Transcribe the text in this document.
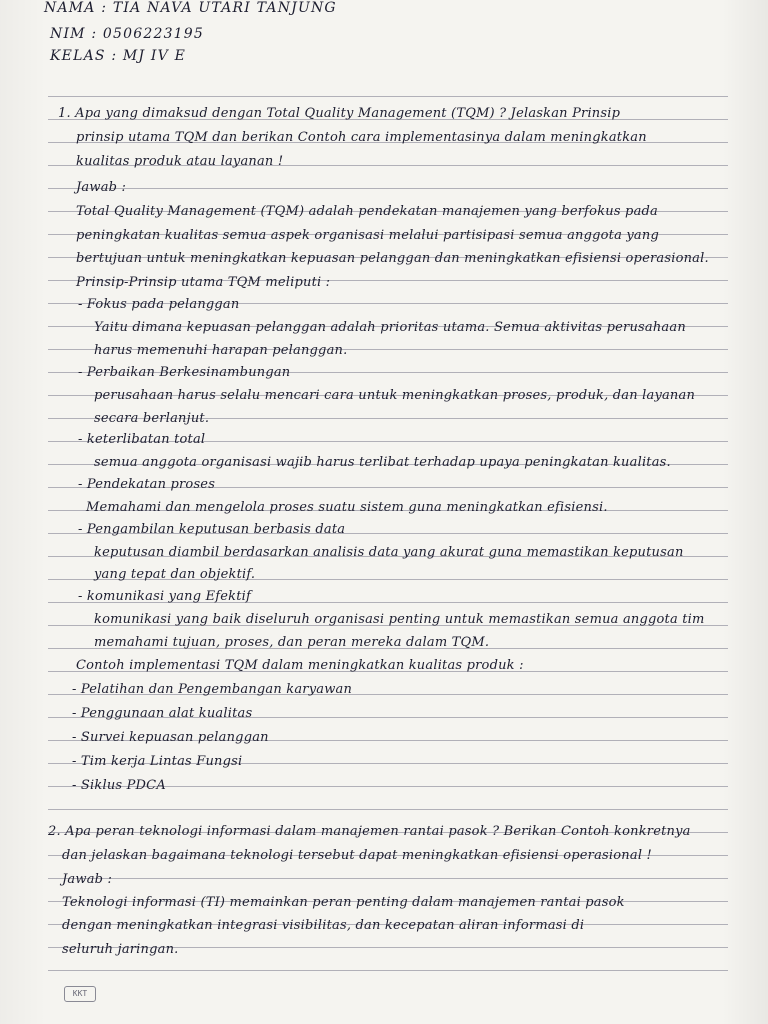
NAMA : TIA NAVA UTARI TANJUNG
NIM : 0506223195
KELAS : MJ IV E
1. Apa yang dimaksud dengan Total Quality Management (TQM) ? Jelaskan Prinsip
prinsip utama TQM dan berikan Contoh cara implementasinya dalam meningkatkan
kualitas produk atau layanan !
Jawab :
Total Quality Management (TQM) adalah pendekatan manajemen yang berfokus pada
peningkatan kualitas semua aspek organisasi melalui partisipasi semua anggota yang
bertujuan untuk meningkatkan kepuasan pelanggan dan meningkatkan efisiensi operasional.
Prinsip-Prinsip utama TQM meliputi :
- Fokus pada pelanggan
Yaitu dimana kepuasan pelanggan adalah prioritas utama. Semua aktivitas perusahaan
harus memenuhi harapan pelanggan.
- Perbaikan Berkesinambungan
perusahaan harus selalu mencari cara untuk meningkatkan proses, produk, dan layanan
secara berlanjut.
- keterlibatan total
semua anggota organisasi wajib harus terlibat terhadap upaya peningkatan kualitas.
- Pendekatan proses
Memahami dan mengelola proses suatu sistem guna meningkatkan efisiensi.
- Pengambilan keputusan berbasis data
keputusan diambil berdasarkan analisis data yang akurat guna memastikan keputusan
yang tepat dan objektif.
- komunikasi yang Efektif
komunikasi yang baik diseluruh organisasi penting untuk memastikan semua anggota tim
memahami tujuan, proses, dan peran mereka dalam TQM.
Contoh implementasi TQM dalam meningkatkan kualitas produk :
- Pelatihan dan Pengembangan karyawan
- Penggunaan alat kualitas
- Survei kepuasan pelanggan
- Tim kerja Lintas Fungsi
- Siklus PDCA
2. Apa peran teknologi informasi dalam manajemen rantai pasok ? Berikan Contoh konkretnya
dan jelaskan bagaimana teknologi tersebut dapat meningkatkan efisiensi operasional !
Jawab :
Teknologi informasi (TI) memainkan peran penting dalam manajemen rantai pasok
dengan meningkatkan integrasi visibilitas, dan kecepatan aliran informasi di
seluruh jaringan.
KKT
